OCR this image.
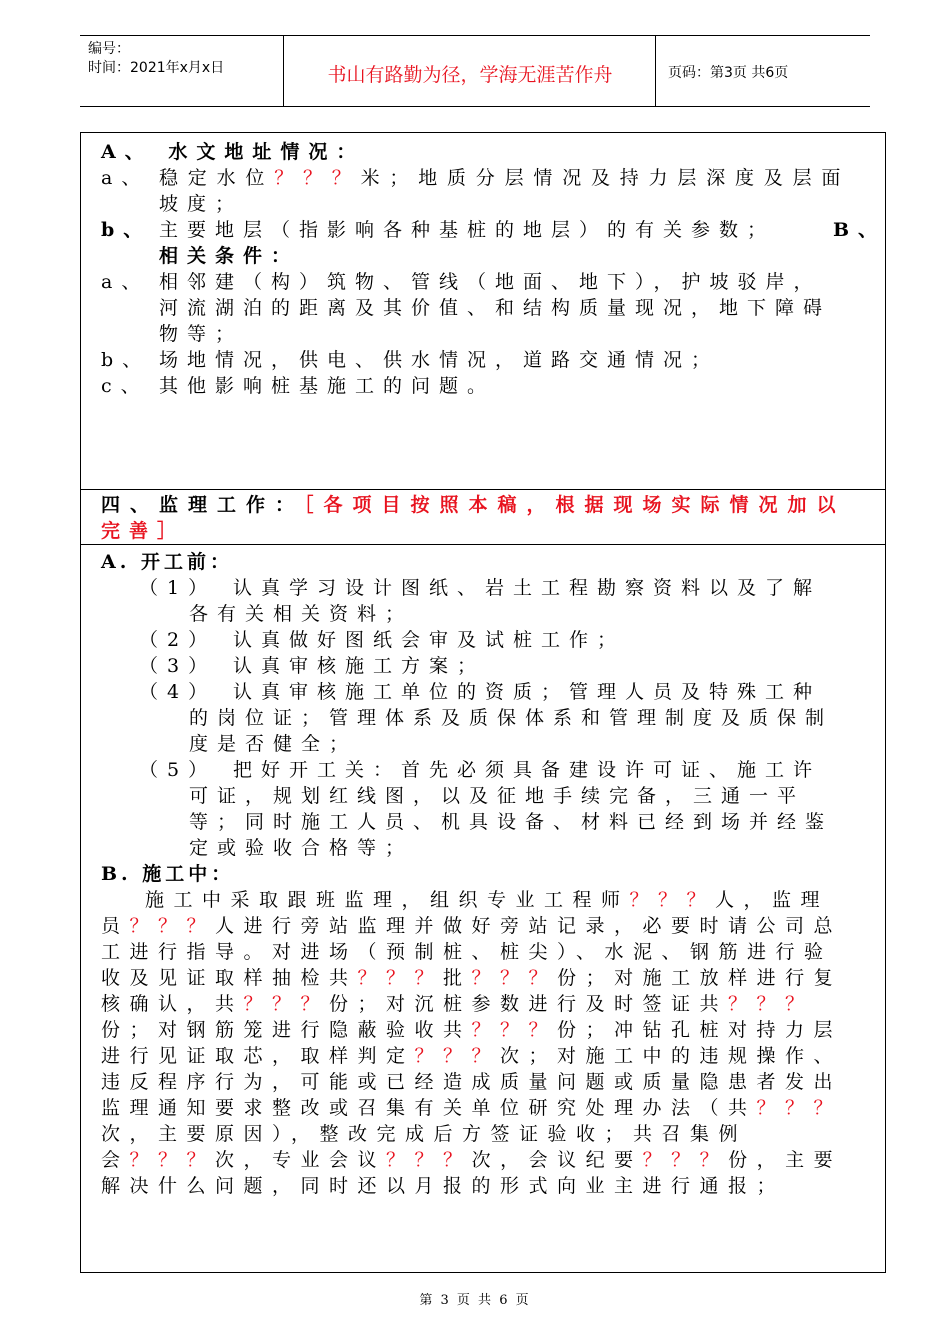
编号：
时间：2021年x月x日	书山有路勤为径，学海无涯苦作舟	页码：第3页 共6页
A、 水文地址情况：
a、 稳定水位？？？米；地质分层情况及持力层深度及层面
坡度；
b、 主要地层（指影响各种基桩的地层）的有关参数；	B、
相关条件：
a、 相邻建（构）筑物、管线（地面、地下），护坡驳岸，
河流湖泊的距离及其价值、和结构质量现况，地下障碍
物等；
b、 场地情况，供电、供水情况，道路交通情况；
c、 其他影响桩基施工的问题。
四、监理工作：［各项目按照本稿，根据现场实际情况加以
完善］
A. 开工前：
（1） 认真学习设计图纸、岩土工程勘察资料以及了解
各有关相关资料；
（2） 认真做好图纸会审及试桩工作；
（3） 认真审核施工方案；
（4） 认真审核施工单位的资质；管理人员及特殊工种
的岗位证；管理体系及质保体系和管理制度及质保制
度是否健全；
（5） 把好开工关：首先必须具备建设许可证、施工许
可证，规划红线图，以及征地手续完备，三通一平
等；同时施工人员、机具设备、材料已经到场并经鉴
定或验收合格等；
B. 施工中：
施工中采取跟班监理，组织专业工程师？？？人，监理
员？？？人进行旁站监理并做好旁站记录，必要时请公司总
工进行指导。对进场（预制桩、桩尖）、水泥、钢筋进行验
收及见证取样抽检共？？？批？？？份；对施工放样进行复
核确认，共？？？份；对沉桩参数进行及时签证共？？？
份；对钢筋笼进行隐蔽验收共？？？份；冲钻孔桩对持力层
进行见证取芯，取样判定？？？次；对施工中的违规操作、
违反程序行为，可能或已经造成质量问题或质量隐患者发出
监理通知要求整改或召集有关单位研究处理办法（共？？？
次，主要原因），整改完成后方签证验收；共召集例
会？？？次，专业会议？？？次，会议纪要？？？份，主要
解决什么问题，同时还以月报的形式向业主进行通报；
第 3 页 共 6 页
